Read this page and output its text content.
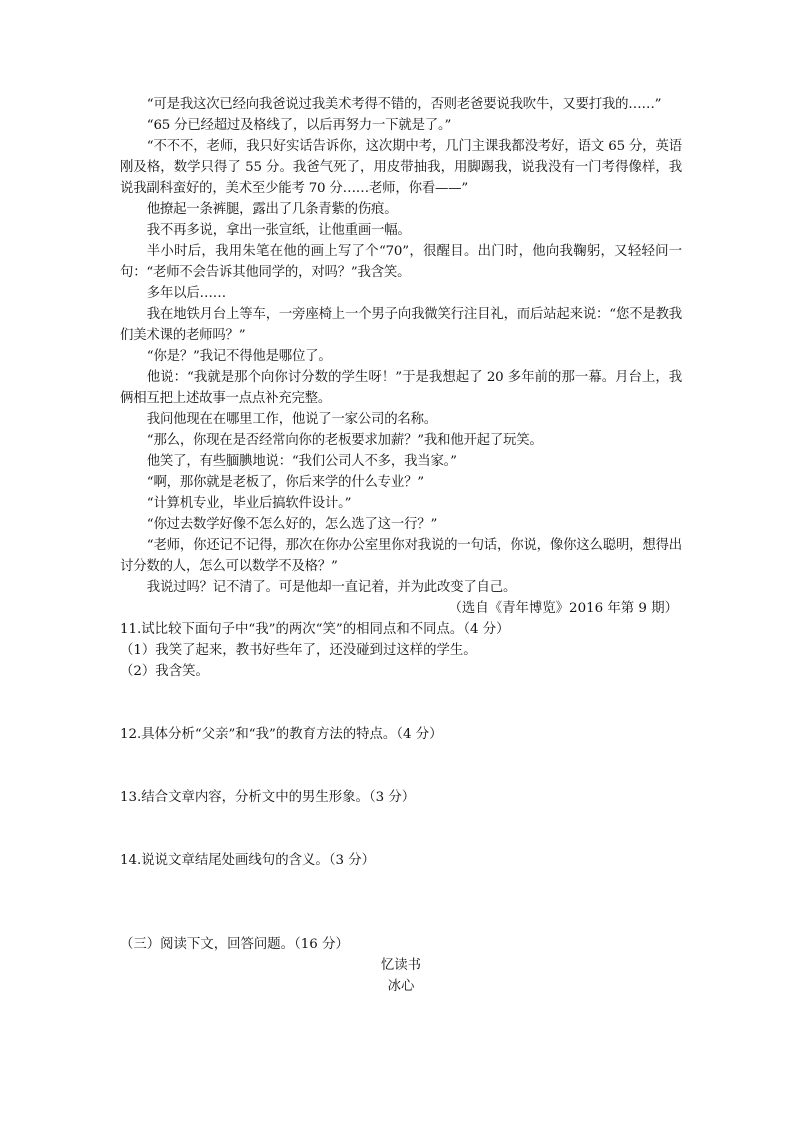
“可是我这次已经向我爸说过我美术考得不错的，否则老爸要说我吹牛，又要打我的……”

“65 分已经超过及格线了，以后再努力一下就是了。”

“不不不，老师，我只好实话告诉你，这次期中考，几门主课我都没考好，语文 65 分，英语刚及格，数学只得了 55 分。我爸气死了，用皮带抽我，用脚踢我，说我没有一门考得像样，我说我副科蛮好的，美术至少能考 70 分……老师，你看——”

他撩起一条裤腿，露出了几条青紫的伤痕。

我不再多说，拿出一张宣纸，让他重画一幅。

半小时后，我用朱笔在他的画上写了个“70”，很醒目。出门时，他向我鞠躬，又轻轻问一句：“老师不会告诉其他同学的，对吗？”我含笑。

多年以后……

我在地铁月台上等车，一旁座椅上一个男子向我微笑行注目礼，而后站起来说：“您不是教我们美术课的老师吗？”

“你是？”我记不得他是哪位了。

他说：“我就是那个向你讨分数的学生呀！”于是我想起了 20 多年前的那一幕。月台上，我俩相互把上述故事一点点补充完整。

我问他现在在哪里工作，他说了一家公司的名称。

“那么，你现在是否经常向你的老板要求加薪？”我和他开起了玩笑。

他笑了，有些腼腆地说：“我们公司人不多，我当家。”

“啊，那你就是老板了，你后来学的什么专业？”

“计算机专业，毕业后搞软件设计。”

“你过去数学好像不怎么好的，怎么选了这一行？”

“老师，你还记不记得，那次在你办公室里你对我说的一句话，你说，像你这么聪明，想得出讨分数的人，怎么可以数学不及格？”

我说过吗？记不清了。可是他却一直记着，并为此改变了自己。

（选自《青年博览》2016 年第 9 期）

11.试比较下面句子中“我”的两次“笑”的相同点和不同点。（4 分）

（1）我笑了起来，教书好些年了，还没碰到过这样的学生。

（2）我含笑。

12.具体分析“父亲”和“我”的教育方法的特点。（4 分）

13.结合文章内容，分析文中的男生形象。（3 分）

14.说说文章结尾处画线句的含义。（3 分）

（三）阅读下文，回答问题。（16 分）

忆读书

冰心
